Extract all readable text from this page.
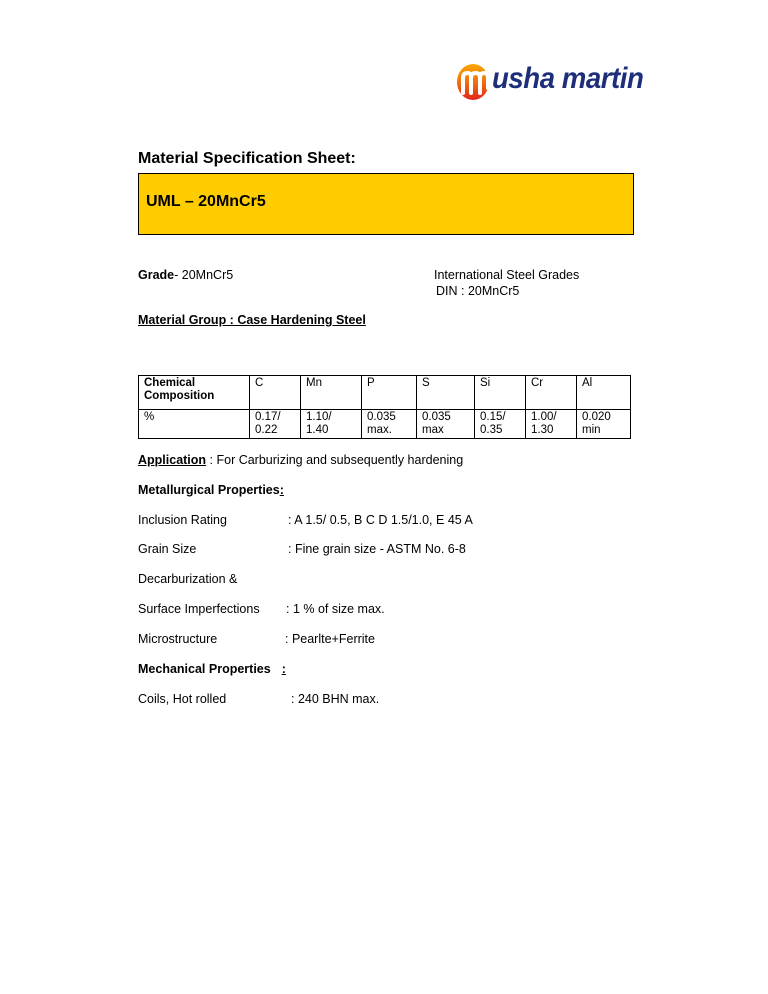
usha martin
Material Specification Sheet:
UML – 20MnCr5
Grade- 20MnCr5	International Steel Grades
DIN : 20MnCr5
Material Group : Case Hardening Steel
Chemical Composition	C	Mn	P	S	Si	Cr	Al
%	0.17/ 0.22	1.10/ 1.40	0.035 max.	0.035 max	0.15/ 0.35	1.00/ 1.30	0.020 min
Application : For Carburizing and subsequently hardening
Metallurgical Properties:
Inclusion Rating	: A 1.5/ 0.5, B C D 1.5/1.0, E 45 A
Grain Size	: Fine grain size - ASTM No. 6-8
Decarburization &
Surface Imperfections : 1 % of size max.
Microstructure	: Pearlte+Ferrite
Mechanical Properties :
Coils, Hot rolled	: 240 BHN max.
